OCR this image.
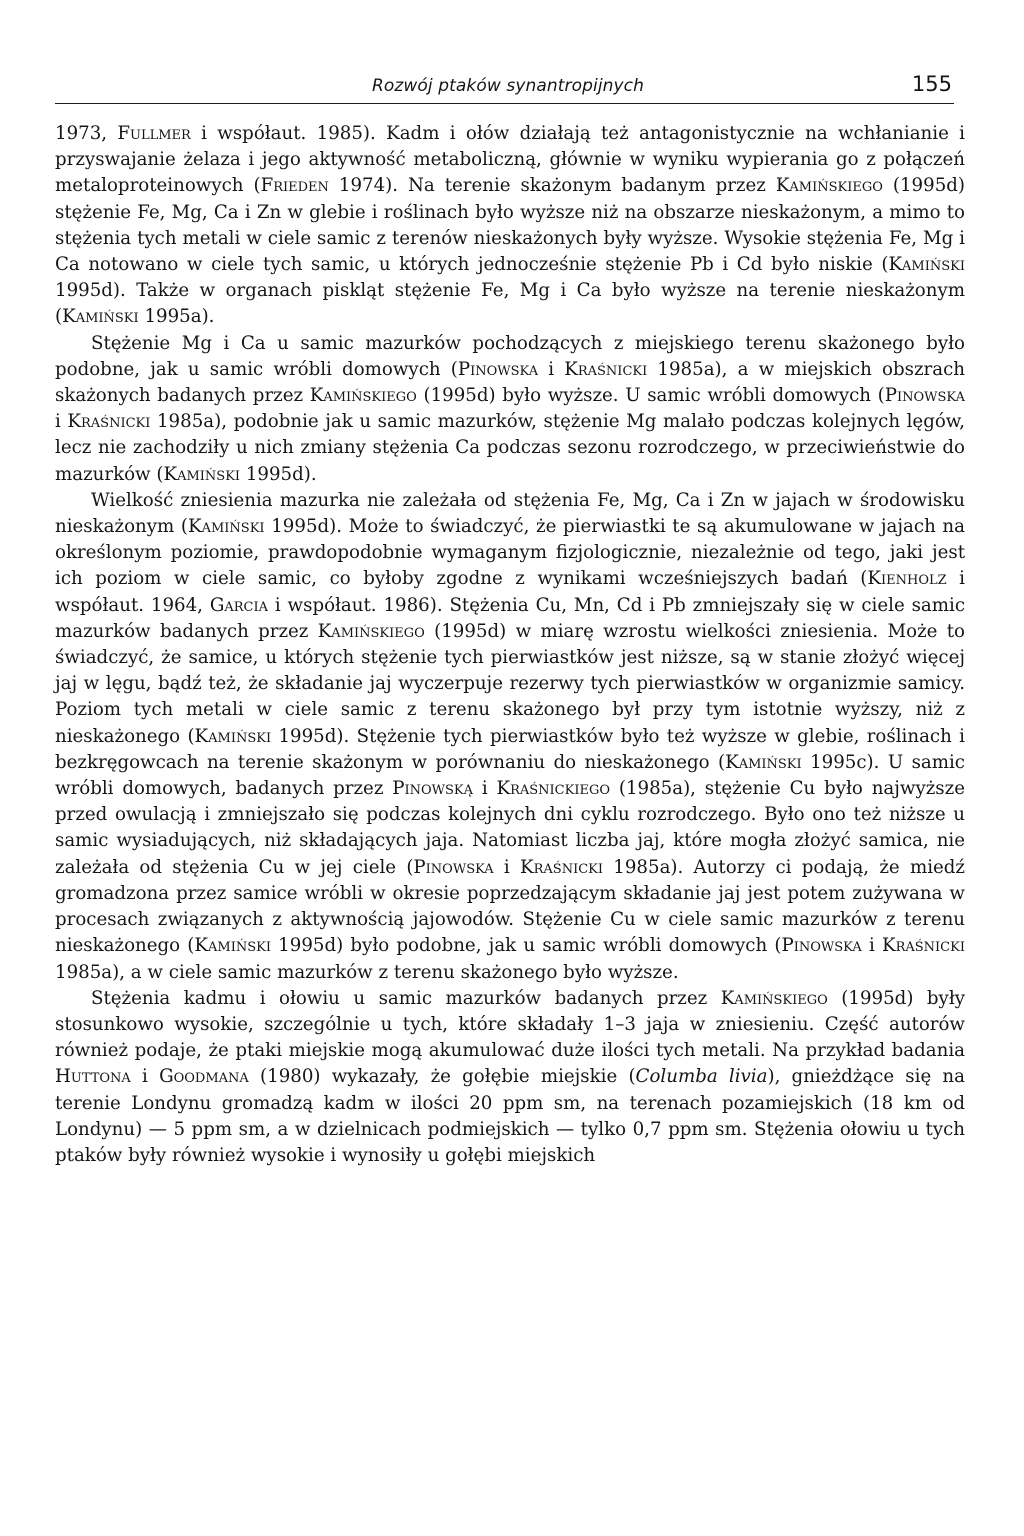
Rozwój ptaków synantropijnych	155

1973, Fullmer i współaut. 1985). Kadm i ołów działają też antagonistycznie na wchłanianie i przyswajanie żelaza i jego aktywność metaboliczną, głównie w wyniku wypierania go z połączeń metaloproteinowych (Frieden 1974). Na terenie skażonym badanym przez Kamińskiego (1995d) stężenie Fe, Mg, Ca i Zn w glebie i roślinach było wyższe niż na obszarze nieskażonym, a mimo to stężenia tych metali w ciele samic z terenów nieskażonych były wyższe. Wysokie stężenia Fe, Mg i Ca notowano w ciele tych samic, u których jednocześnie stężenie Pb i Cd było niskie (Kamiński 1995d). Także w organach piskląt stężenie Fe, Mg i Ca było wyższe na terenie nieskażonym (Kamiński 1995a).

Stężenie Mg i Ca u samic mazurków pochodzących z miejskiego terenu skażonego było podobne, jak u samic wróbli domowych (Pinowska i Kraśnicki 1985a), a w miejskich obszrach skażonych badanych przez Kamińskiego (1995d) było wyższe. U samic wróbli domowych (Pinowska i Kraśnicki 1985a), podobnie jak u samic mazurków, stężenie Mg malało podczas kolejnych lęgów, lecz nie zachodziły u nich zmiany stężenia Ca podczas sezonu rozrodczego, w przeciwieństwie do mazurków (Kamiński 1995d).

Wielkość zniesienia mazurka nie zależała od stężenia Fe, Mg, Ca i Zn w jajach w środowisku nieskażonym (Kamiński 1995d). Może to świadczyć, że pierwiastki te są akumulowane w jajach na określonym poziomie, prawdopodobnie wymaganym fizjologicznie, niezależnie od tego, jaki jest ich poziom w ciele samic, co byłoby zgodne z wynikami wcześniejszych badań (Kienholz i współaut. 1964, Garcia i współaut. 1986). Stężenia Cu, Mn, Cd i Pb zmniejszały się w ciele samic mazurków badanych przez Kamińskiego (1995d) w miarę wzrostu wielkości zniesienia. Może to świadczyć, że samice, u których stężenie tych pierwiastków jest niższe, są w stanie złożyć więcej jaj w lęgu, bądź też, że składanie jaj wyczerpuje rezerwy tych pierwiastków w organizmie samicy. Poziom tych metali w ciele samic z terenu skażonego był przy tym istotnie wyższy, niż z nieskażonego (Kamiński 1995d). Stężenie tych pierwiastków było też wyższe w glebie, roślinach i bezkręgowcach na terenie skażonym w porównaniu do nieskażonego (Kamiński 1995c). U samic wróbli domowych, badanych przez Pinowską i Kraśnickiego (1985a), stężenie Cu było najwyższe przed owulacją i zmniejszało się podczas kolejnych dni cyklu rozrodczego. Było ono też niższe u samic wysiadujących, niż składających jaja. Natomiast liczba jaj, które mogła złożyć samica, nie zależała od stężenia Cu w jej ciele (Pinowska i Kraśnicki 1985a). Autorzy ci podają, że miedź gromadzona przez samice wróbli w okresie poprzedzającym składanie jaj jest potem zużywana w procesach związanych z aktywnością jajowodów. Stężenie Cu w ciele samic mazurków z terenu nieskażonego (Kamiński 1995d) było podobne, jak u samic wróbli domowych (Pinowska i Kraśnicki 1985a), a w ciele samic mazurków z terenu skażonego było wyższe.

Stężenia kadmu i ołowiu u samic mazurków badanych przez Kamińskiego (1995d) były stosunkowo wysokie, szczególnie u tych, które składały 1–3 jaja w zniesieniu. Część autorów również podaje, że ptaki miejskie mogą akumulować duże ilości tych metali. Na przykład badania Huttona i Goodmana (1980) wykazały, że gołębie miejskie (Columba livia), gnieżdżące się na terenie Londynu gromadzą kadm w ilości 20 ppm sm, na terenach pozamiejskich (18 km od Londynu) — 5 ppm sm, a w dzielnicach podmiejskich — tylko 0,7 ppm sm. Stężenia ołowiu u tych ptaków były również wysokie i wynosiły u gołębi miejskich
